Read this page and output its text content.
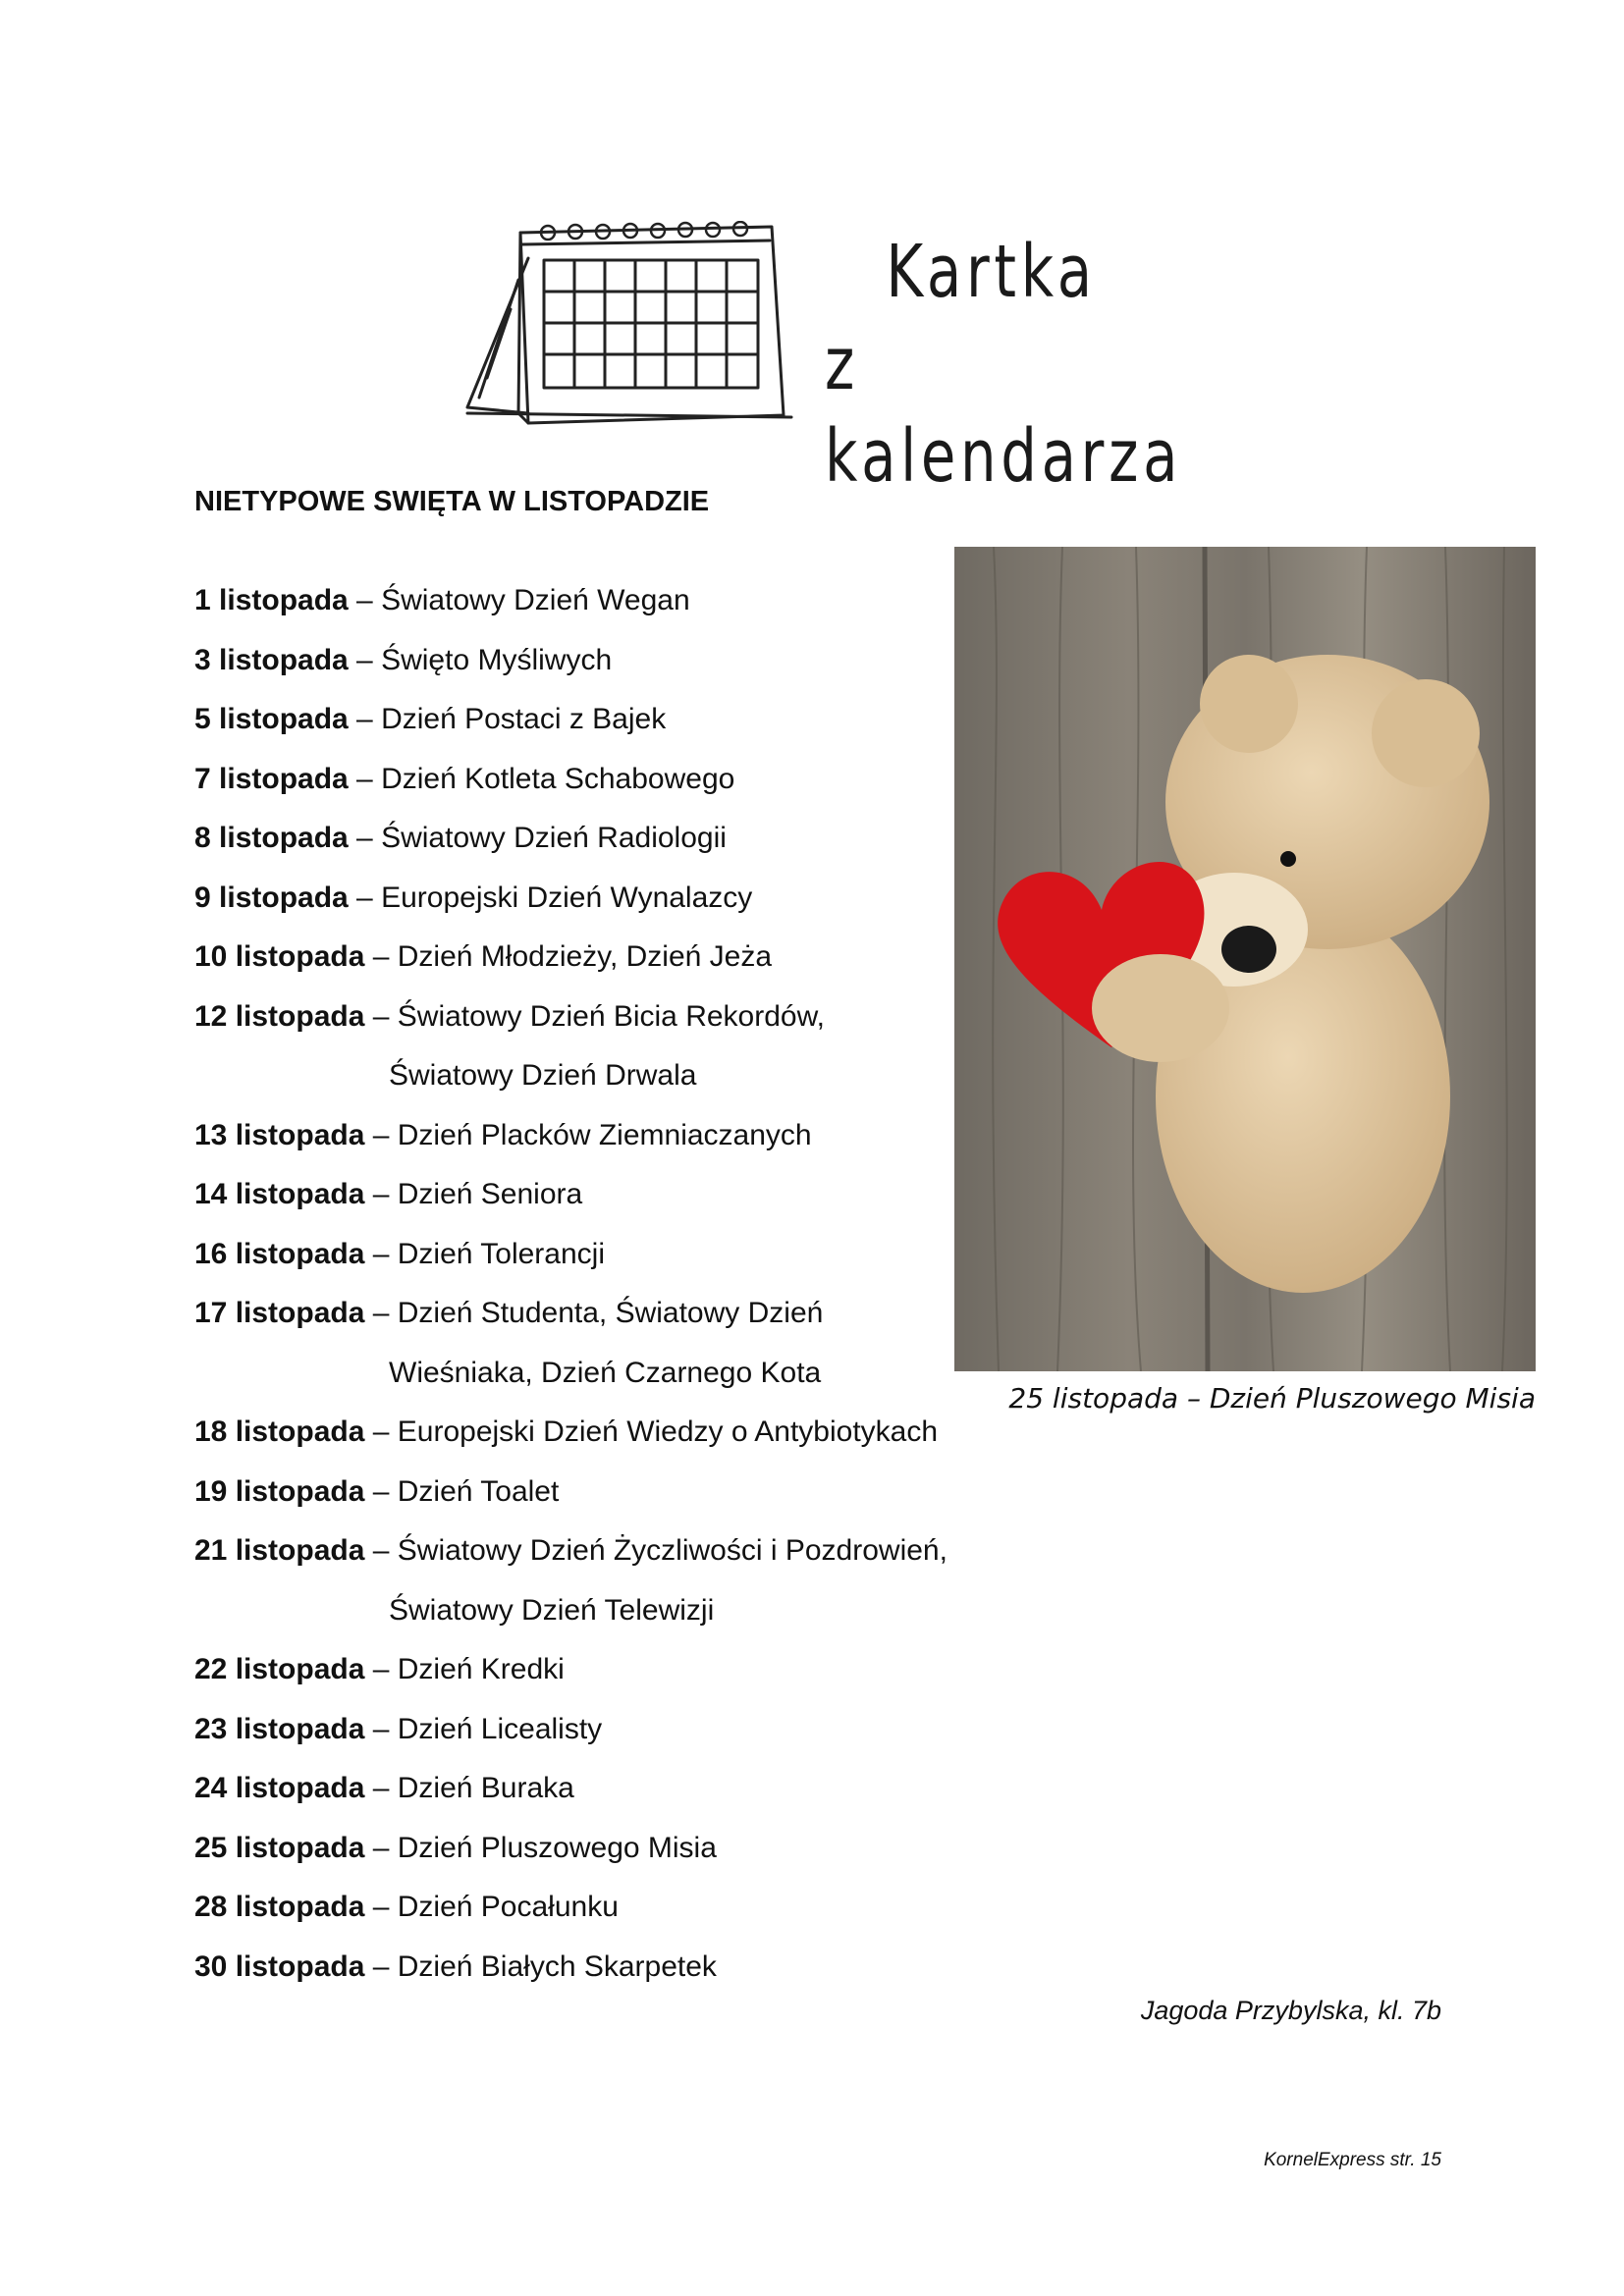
Kartka
z kalendarza
NIETYPOWE SWIĘTA W LISTOPADZIE
1 listopada – Światowy Dzień Wegan
3 listopada – Święto Myśliwych
5 listopada – Dzień Postaci z Bajek
7 listopada – Dzień Kotleta Schabowego
8 listopada – Światowy Dzień Radiologii
9 listopada – Europejski Dzień Wynalazcy
10 listopada – Dzień Młodzieży, Dzień Jeża
12 listopada – Światowy Dzień Bicia Rekordów,
Światowy Dzień Drwala
13 listopada – Dzień Placków Ziemniaczanych
14 listopada – Dzień Seniora
16 listopada – Dzień Tolerancji
17 listopada – Dzień Studenta, Światowy Dzień
Wieśniaka, Dzień Czarnego Kota
18 listopada – Europejski Dzień Wiedzy o Antybiotykach
19 listopada – Dzień Toalet
21 listopada – Światowy Dzień Życzliwości i Pozdrowień,
Światowy Dzień Telewizji
22 listopada – Dzień Kredki
23 listopada – Dzień Licealisty
24 listopada – Dzień Buraka
25 listopada – Dzień Pluszowego Misia
28 listopada – Dzień Pocałunku
30 listopada – Dzień Białych Skarpetek
25 listopada – Dzień Pluszowego Misia
Jagoda Przybylska, kl. 7b
KornelExpress str. 15
